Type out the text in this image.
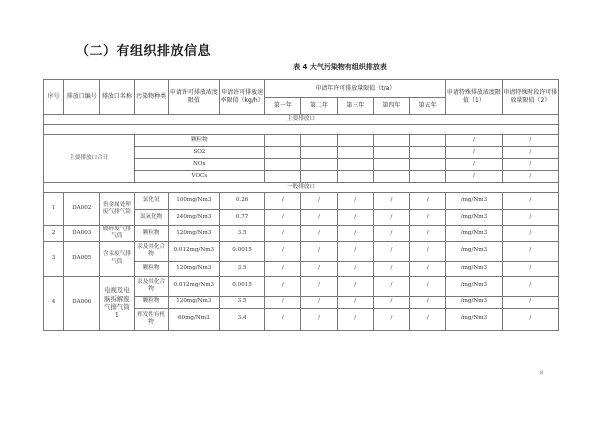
（二）有组织排放信息
表 4 大气污染物有组织排放表
序号	排放口编号	排放口名称	污染物种类	申请许可排放浓度限值	申请许可排放速率限值（kg/h）	申请年许可排放量限值（t/a）					申请特殊排放浓度限值（1）	申请特殊时段许可排放量限值（2）
						第一年	第二年	第三年	第四年	第五年		
主要排放口												

主要排放口合计			颗粒物								/	/
			SO2								/	/
			NOx								/	/
			VOCs								/	/
一般排放口												
1	DA002	贵金属处理废气排气筒	氯化氢	100mg/Nm3	0.26	/	/	/	/	/	/mg/Nm3	/
			氮氧化物	240mg/Nm3	0.77	/	/	/	/	/	/mg/Nm3	/
2	DA003	破碎废气排气筒	颗粒物	120mg/Nm3	3.5	/	/	/	/	/	/mg/Nm3	/
3	DA005	含汞废气排气筒	汞及其化合物	0.012mg/Nm3	0.0015	/	/	/	/	/	/mg/Nm3	/
			颗粒物	120mg/Nm3	3.5	/	/	/	/	/	/mg/Nm3	/
4	DA006	电视及电脑拆解废气排气筒1	汞及其化合物	0.012mg/Nm3	0.0015	/	/	/	/	/	/mg/Nm3	/
			颗粒物	120mg/Nm3	3.5	/	/	/	/	/	/mg/Nm3	/
			挥发性有机物	60mg/Nm3	3.4	/	/	/	/	/	/mg/Nm3	/
8
